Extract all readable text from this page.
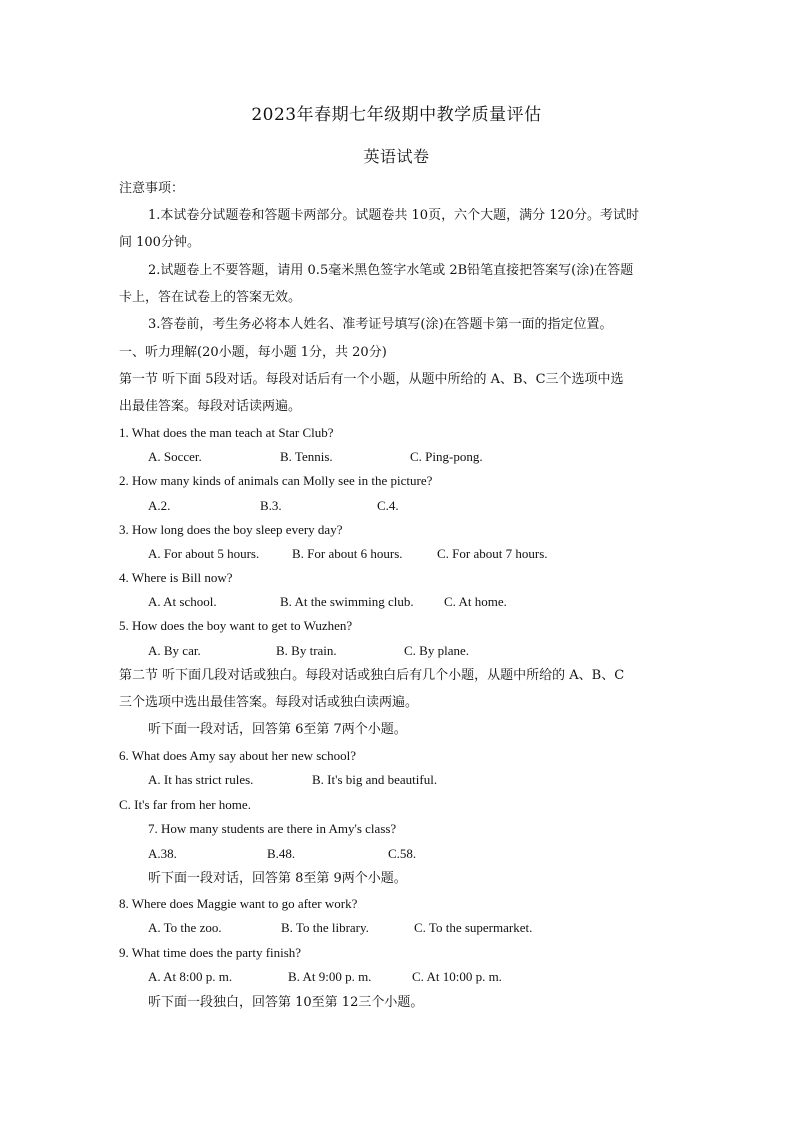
2023年春期七年级期中教学质量评估
英语试卷
注意事项：
1.本试卷分试题卷和答题卡两部分。试题卷共 10页，六个大题，满分 120分。考试时
间 100分钟。
2.试题卷上不要答题，请用 0.5毫米黑色签字水笔或 2B铅笔直接把答案写(涂)在答题
卡上，答在试卷上的答案无效。
3.答卷前，考生务必将本人姓名、准考证号填写(涂)在答题卡第一面的指定位置。
一、听力理解(20小题，每小题 1分，共 20分)
第一节 听下面 5段对话。每段对话后有一个小题，从题中所给的 A、B、C三个选项中选
出最佳答案。每段对话读两遍。
1. What does the man teach at Star Club?
A. Soccer.	B. Tennis.	C. Ping-pong.
2. How many kinds of animals can Molly see in the picture?
A.2.	B.3.	C.4.
3. How long does the boy sleep every day?
A. For about 5 hours.	B. For about 6 hours.	C. For about 7 hours.
4. Where is Bill now?
A. At school.	B. At the swimming club. C. At home.
5. How does the boy want to get to Wuzhen?
A. By car.	B. By train.	C. By plane.
第二节 听下面几段对话或独白。每段对话或独白后有几个小题，从题中所给的 A、B、C
三个选项中选出最佳答案。每段对话或独白读两遍。
听下面一段对话，回答第 6至第 7两个小题。
6. What does Amy say about her new school?
A. It has strict rules.	B. It's big and beautiful.
C. It's far from her home.
7. How many students are there in Amy's class?
A.38.	B.48.	C.58.
听下面一段对话，回答第 8至第 9两个小题。
8. Where does Maggie want to go after work?
A. To the zoo.	B. To the library.	C. To the supermarket.
9. What time does the party finish?
A. At 8:00 p. m.	B. At 9:00 p. m.	C. At 10:00 p. m.
听下面一段独白，回答第 10至第 12三个小题。
